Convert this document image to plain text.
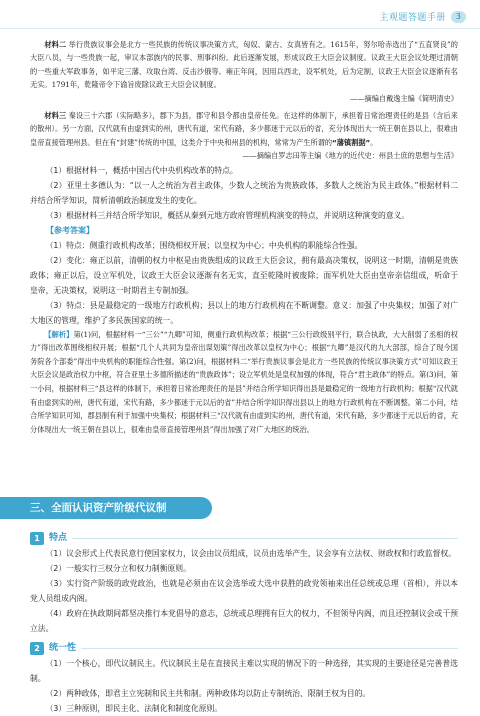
主观题答题手册	3

材料二 举行贵族议事会是北方一些民族的传统议事决策方式，匈奴、蒙古、女真皆有之。1615年，努尔哈赤选出了“五直贤良”的大臣八员，与一些贵族一起，审议本部族内的民事、刑事纠纷。此后逐渐发展，形成议政王大臣会议制度。议政王大臣会议处理过清朝的一些重大军政事务，如平定三藩、攻取台湾、反击沙俄等。雍正年间，因用兵西北，设军机处，后为定制，议政王大臣会议逐渐有名无实。1791年，乾隆帝令下谕旨废除议政王大臣会议制度。

——摘编自戴逸主编《简明清史》

材料三 秦设三十六郡（实际略多），郡下为县，郡守和县令都由皇帝任免。在这样的体制下，承担着日常治理责任的是县（含后来的散州）。另一方面，汉代就有由虚到实的州，唐代有道，宋代有路，多少都迷于元以后的省，充分体现出大一统王朝在县以上，很难由皇帝直接管理州县。但在有“封建”传统的中国，这类介于中央和州县的机构，常常为产生所谓的“藩镇割据”。

——摘编自罗志田等主编《地方的近代史：州县士庶的思想与生活》

（1）根据材料一，概括中国古代中央机构改革的特点。

（2）亚里士多德认为：“以一人之统治为君主政体，少数人之统治为贵族政体，多数人之统治为民主政体。”根据材料二并结合所学知识，简析清朝政治制度发生的变化。

（3）根据材料三并结合所学知识，概括从秦到元地方政府管理机构演变的特点，并说明这种演变的意义。

【参考答案】

（1）特点：侧重行政机构改革；围绕相权开展；以皇权为中心；中央机构的职能综合性强。

（2）变化：雍正以前，清朝的权力中枢是由贵族组成的议政王大臣会议，拥有最高决策权，说明这一时期，清朝是贵族政体；雍正以后，设立军机处，议政王大臣会议逐渐有名无实，直至乾隆时被废除；面军机处大臣由皇帝亲信组成，听命于皇帝，无决策权，说明这一时期君主专制加强。

（3）特点：县是最稳定的一级地方行政机构；县以上的地方行政机构在不断调整。意义：加强了中央集权；加强了对广大地区的管理，维护了多民族国家的统一。

【解析】第(1)问，根据材料一“三公”“九卿”可知，侧重行政机构改革；根据“三公行政级别平行，联合执政，大大削弱了丞相的权力”得出改革围绕相权开展；根据“几个人共同为皇帝出谋划策”得出改革以皇权为中心；根据“九卿”是汉代的九大部部，综合了现今国务院各个部委”得出中央机构的职能综合性强。第(2)问，根据材料二“举行贵族议事会是北方一些民族的传统议事决策方式”可知议政王大臣会议是政治权力中枢，符合亚里士多德所描述的“贵族政体”；设立军机处是皇权加强的体现，符合“君主政体”的特点。第(3)问，第一小问，根据材料三“县这样的体制下，承担着日常治理责任的是县”并结合所学知识得出县是最稳定的一级地方行政机构；根据“汉代就有由虚到实的州，唐代有道，宋代有路，多少都迷于元以后的省”并结合所学知识得出县以上的地方行政机构在不断调整。第二小问，结合所学知识可知，郡县制有利于加强中央集权；根据材料三“汉代就有由虚到实的州，唐代有道，宋代有路，多少都迷于元以后的省，充分体现出大一统王朝在县以上，很难由皇帝直接管理州县”得出加强了对广大地区的统治。

三、全面认识资产阶级代议制
1	特点

（1）议会形式上代表民意行使国家权力，议会由议员组成，议员由选举产生，议会享有立法权、财政权和行政监督权。

（2）一般实行三权分立和权力制衡原则。

（3）实行资产阶级的政党政治，也就是必须由在议会选举或大选中获胜的政党领袖来出任总统或总理（首相），并以本党人员组成内阁。

（4）政府在执政期间都坚决推行本党倡导的意志，总统或总理拥有巨大的权力，不但领导内阁，而且还控制议会或干预立法。

2	统一性

（1）一个核心，即代议制民主。代议制民主是在直接民主难以实现的情况下的一种选择，其实现的主要途径是完善普选制。

（2）两种政体，即君主立宪制和民主共和制。两种政体均以防止专制统治、限制王权为目的。

（3）三种原则，即民主化、法制化和制度化原则。
